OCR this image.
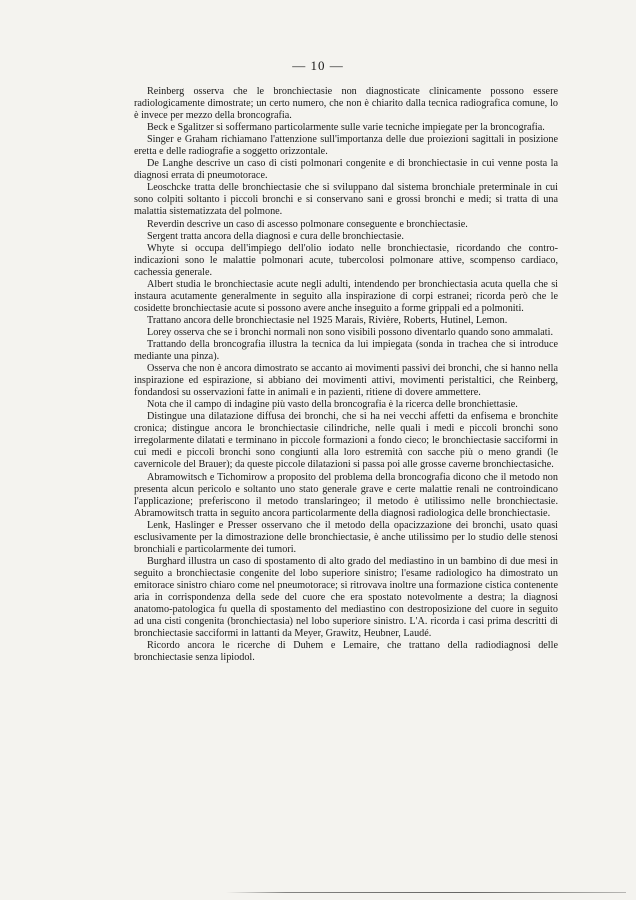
— 10 —

Reinberg osserva che le bronchiectasie non diagnosticate clinicamente possono essere radiologicamente dimostrate; un certo numero, che non è chiarito dalla tecnica radiografica comune, lo è invece per mezzo della broncografia.

Beck e Sgalitzer si soffermano particolarmente sulle varie tecniche impiegate per la broncografia.

Singer e Graham richiamano l'attenzione sull'importanza delle due proiezioni sagittali in posizione eretta e delle radiografie a soggetto orizzontale.

De Langhe descrive un caso di cisti polmonari congenite e di bronchiectasie in cui venne posta la diagnosi errata di pneumotorace.

Leoschcke tratta delle bronchiectasie che si sviluppano dal sistema bronchiale preterminale in cui sono colpiti soltanto i piccoli bronchi e si conservano sani e grossi bronchi e medi; si tratta di una malattia sistematizzata del polmone.

Reverdin descrive un caso di ascesso polmonare conseguente e bronchiectasie.

Sergent tratta ancora della diagnosi e cura delle bronchiectasie.

Whyte si occupa dell'impiego dell'olio iodato nelle bronchiectasie, ricordando che contro-indicazioni sono le malattie polmonari acute, tubercolosi polmonare attive, scompenso cardiaco, cachessia generale.

Albert studia le bronchiectasie acute negli adulti, intendendo per bronchiectasia acuta quella che si instaura acutamente generalmente in seguito alla inspirazione di corpi estranei; ricorda però che le cosidette bronchiectasie acute si possono avere anche inseguito a forme grippali ed a polmoniti.

Trattano ancora delle bronchiectasie nel 1925 Marais, Rivière, Roberts, Hutinel, Lemon.

Lorey osserva che se i bronchi normali non sono visibili possono diventarlo quando sono ammalati.

Trattando della broncografia illustra la tecnica da lui impiegata (sonda in trachea che si introduce mediante una pinza).

Osserva che non è ancora dimostrato se accanto ai movimenti passivi dei bronchi, che si hanno nella inspirazione ed espirazione, si abbiano dei movimenti attivi, movimenti peristaltici, che Reinberg, fondandosi su osservazioni fatte in animali e in pazienti, ritiene di dovere ammettere.

Nota che il campo di indagine più vasto della broncografia è la ricerca delle bronchiettasie.

Distingue una dilatazione diffusa dei bronchi, che si ha nei vecchi affetti da enfisema e bronchite cronica; distingue ancora le bronchiectasie cilindriche, nelle quali i medi e piccoli bronchi sono irregolarmente dilatati e terminano in piccole formazioni a fondo cieco; le bronchiectasie sacciformi in cui medi e piccoli bronchi sono congiunti alla loro estremità con sacche più o meno grandi (le cavernicole del Brauer); da queste piccole dilatazioni si passa poi alle grosse caverne bronchiectasiche.

Abramowitsch e Tichomirow a proposito del problema della broncografia dicono che il metodo non presenta alcun pericolo e soltanto uno stato generale grave e certe malattie renali ne controindicano l'applicazione; preferiscono il metodo translaringeo; il metodo è utilissimo nelle bronchiectasie. Abramowitsch tratta in seguito ancora particolarmente della diagnosi radiologica delle bronchiectasie.

Lenk, Haslinger e Presser osservano che il metodo della opacizzazione dei bronchi, usato quasi esclusivamente per la dimostrazione delle bronchiectasie, è anche utilissimo per lo studio delle stenosi bronchiali e particolarmente dei tumori.

Burghard illustra un caso di spostamento di alto grado del mediastino in un bambino di due mesi in seguito a bronchiectasie congenite del lobo superiore sinistro; l'esame radiologico ha dimostrato un emitorace sinistro chiaro come nel pneumotorace; si ritrovava inoltre una formazione cistica contenente aria in corrispondenza della sede del cuore che era spostato notevolmente a destra; la diagnosi anatomo-patologica fu quella di spostamento del mediastino con destroposizione del cuore in seguito ad una cisti congenita (bronchiectasia) nel lobo superiore sinistro. L'A. ricorda i casi prima descritti di bronchiectasie sacciformi in lattanti da Meyer, Grawitz, Heubner, Laudé.

Ricordo ancora le ricerche di Duhem e Lemaire, che trattano della radiodiagnosi delle bronchiectasie senza lipiodol.
